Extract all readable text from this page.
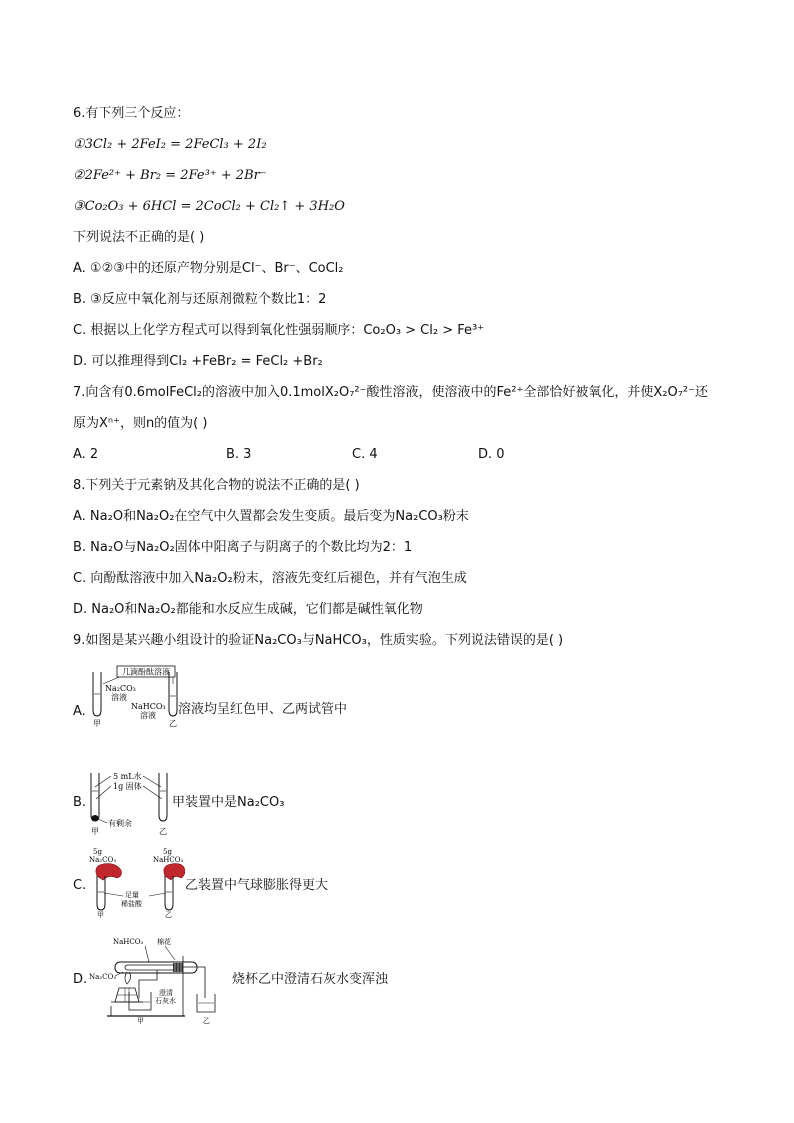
6.有下列三个反应：
①3Cl₂ + 2FeI₂ = 2FeCl₃ + 2I₂
②2Fe²⁺ + Br₂ = 2Fe³⁺ + 2Br⁻
③Co₂O₃ + 6HCl = 2CoCl₂ + Cl₂↑ + 3H₂O
下列说法不正确的是( )
A. ①②③中的还原产物分别是Cl⁻、Br⁻、CoCl₂
B. ③反应中氧化剂与还原剂微粒个数比1：2
C. 根据以上化学方程式可以得到氧化性强弱顺序：Co₂O₃ > Cl₂ > Fe³⁺
D. 可以推理得到Cl₂ +FeBr₂ = FeCl₂ +Br₂
7.向含有0.6molFeCl₂的溶液中加入0.1molX₂O₇²⁻酸性溶液，使溶液中的Fe²⁺全部恰好被氧化，并使X₂O₇²⁻还
原为Xⁿ⁺，则n的值为( )
A. 2	B. 3	C. 4	D. 0
8.下列关于元素钠及其化合物的说法不正确的是( )
A. Na₂O和Na₂O₂在空气中久置都会发生变质。最后变为Na₂CO₃粉末
B. Na₂O与Na₂O₂固体中阳离子与阴离子的个数比均为2：1
C. 向酚酞溶液中加入Na₂O₂粉末，溶液先变红后褪色，并有气泡生成
D. Na₂O和Na₂O₂都能和水反应生成碱，它们都是碱性氧化物
9.如图是某兴趣小组设计的验证Na₂CO₃与NaHCO₃，性质实验。下列说法错误的是( )
A.
几滴酚酞溶液
Na₂CO₃
溶液
NaHCO₃
溶液
甲	乙
溶液均呈红色甲、乙两试管中
B.
5 mL水
1g 固体
有剩余
甲	乙
甲装置中是Na₂CO₃
C.
5g
Na₂CO₃
5g
NaHCO₃
足量
稀盐酸
甲	乙
乙装置中气球膨胀得更大
D.
NaHCO₃ 棉花
Na₂CO₃
澄清
石灰水
甲	乙
烧杯乙中澄清石灰水变浑浊
